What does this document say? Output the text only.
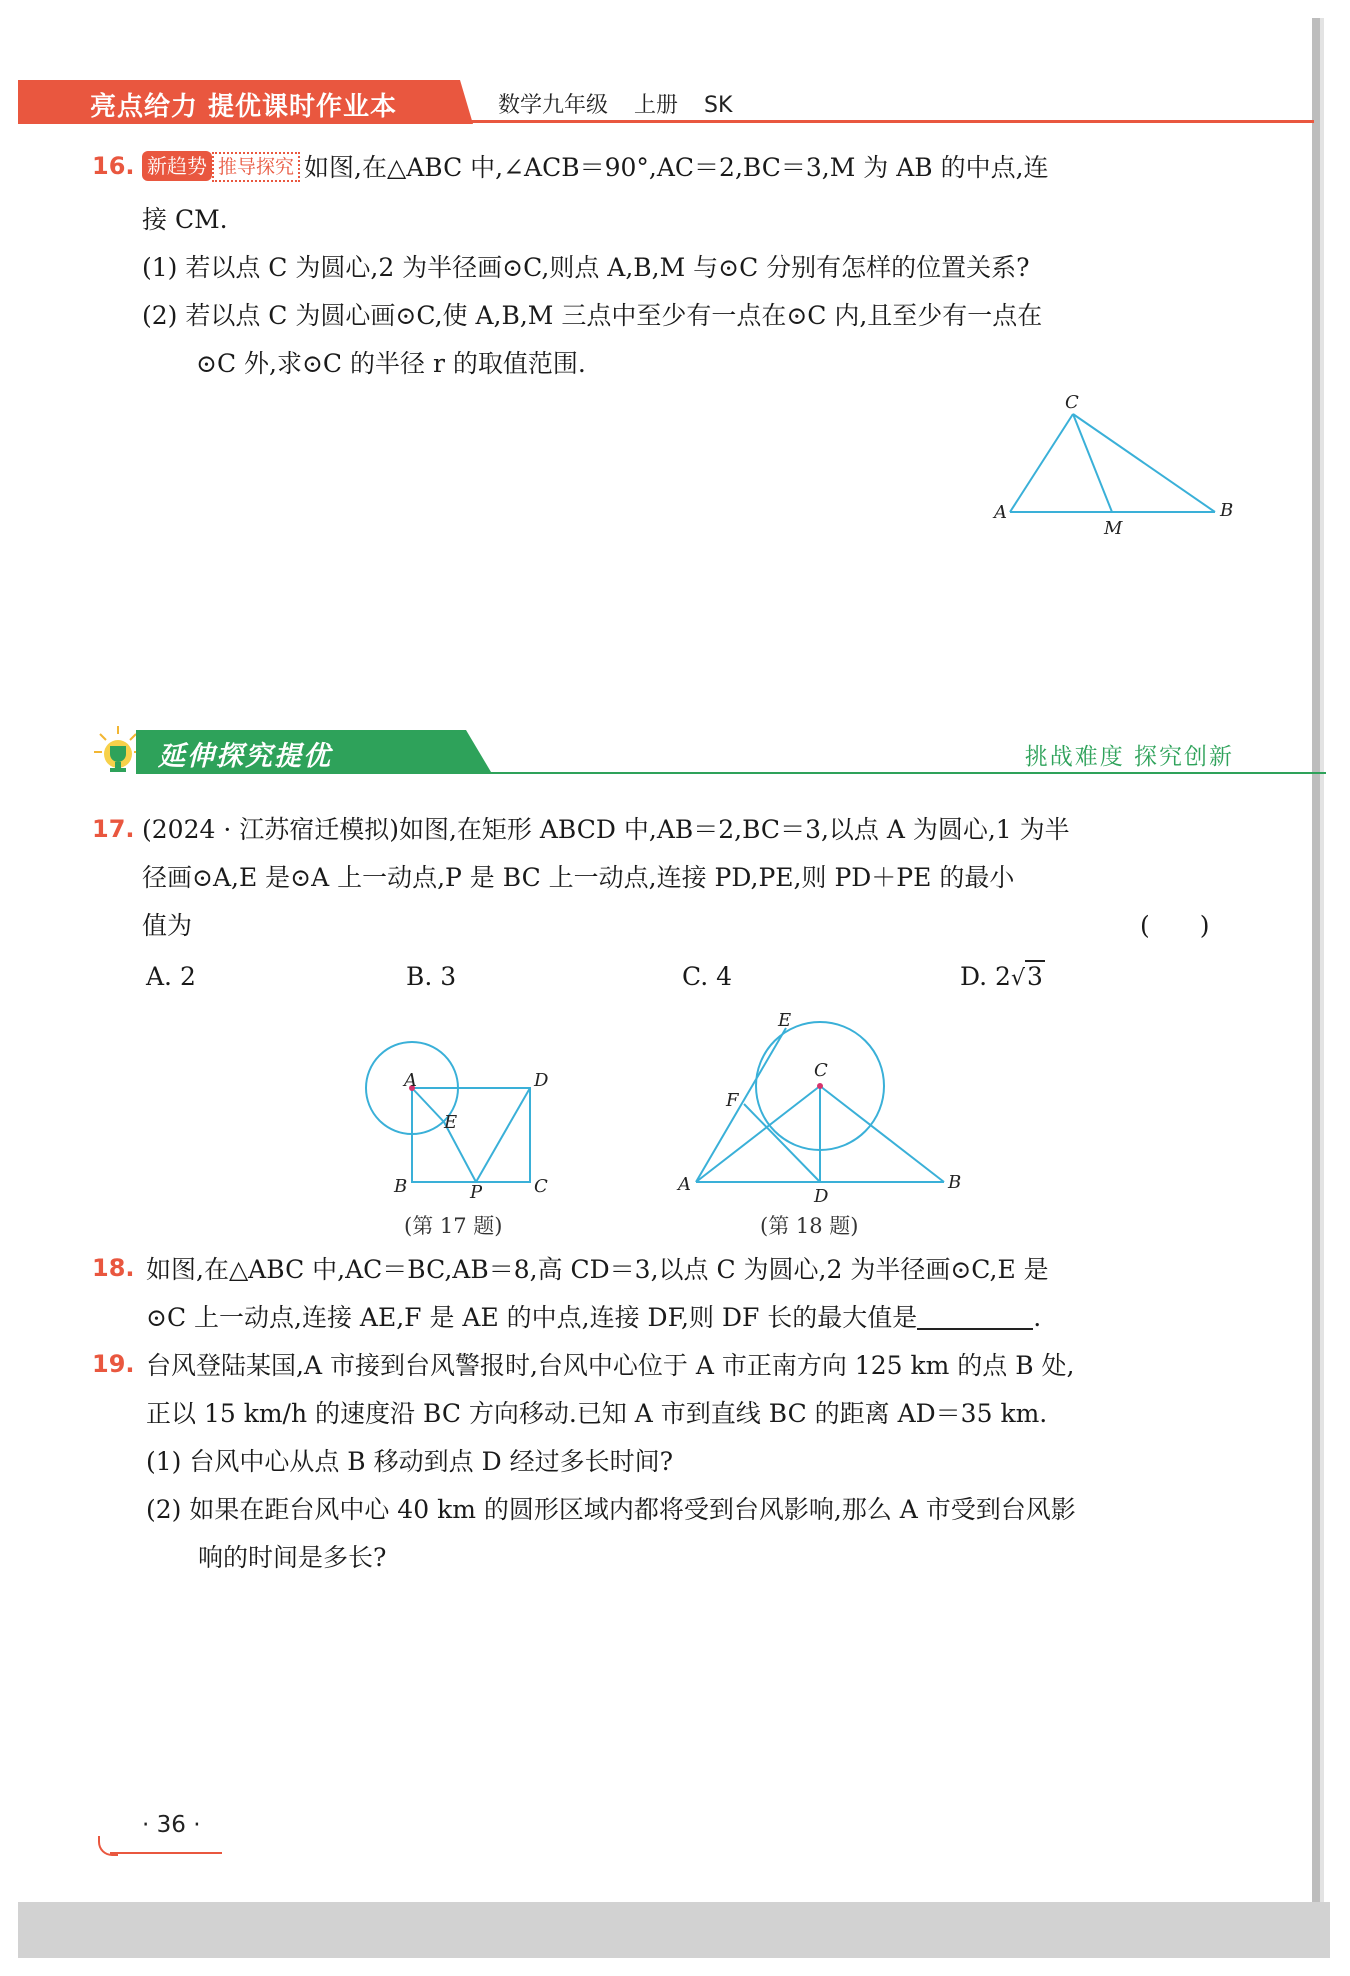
亮点给力 提优课时作业本	数学九年级 上册 SK
16. 新趋势 推导探究 如图,在△ABC 中,∠ACB＝90°,AC＝2,BC＝3,M 为 AB 的中点,连
接 CM.
(1) 若以点 C 为圆心,2 为半径画⊙C,则点 A,B,M 与⊙C 分别有怎样的位置关系?
(2) 若以点 C 为圆心画⊙C,使 A,B,M 三点中至少有一点在⊙C 内,且至少有一点在
⊙C 外,求⊙C 的半径 r 的取值范围.
C
A
M
B
延伸探究提优	挑战难度 探究创新
17. (2024 · 江苏宿迁模拟)如图,在矩形 ABCD 中,AB＝2,BC＝3,以点 A 为圆心,1 为半
径画⊙A,E 是⊙A 上一动点,P 是 BC 上一动点,连接 PD,PE,则 PD＋PE 的最小
值为	(　　)
A. 2	B. 3	C. 4	D. 2√3
A	D
E
B	P	C
(第 17 题)
E
C
F
A
D
B
(第 18 题)
18. 如图,在△ABC 中,AC＝BC,AB＝8,高 CD＝3,以点 C 为圆心,2 为半径画⊙C,E 是
⊙C 上一动点,连接 AE,F 是 AE 的中点,连接 DF,则 DF 长的最大值是	.
19. 台风登陆某国,A 市接到台风警报时,台风中心位于 A 市正南方向 125 km 的点 B 处,
正以 15 km/h 的速度沿 BC 方向移动.已知 A 市到直线 BC 的距离 AD＝35 km.
(1) 台风中心从点 B 移动到点 D 经过多长时间?
(2) 如果在距台风中心 40 km 的圆形区域内都将受到台风影响,那么 A 市受到台风影
响的时间是多长?
· 36 ·
